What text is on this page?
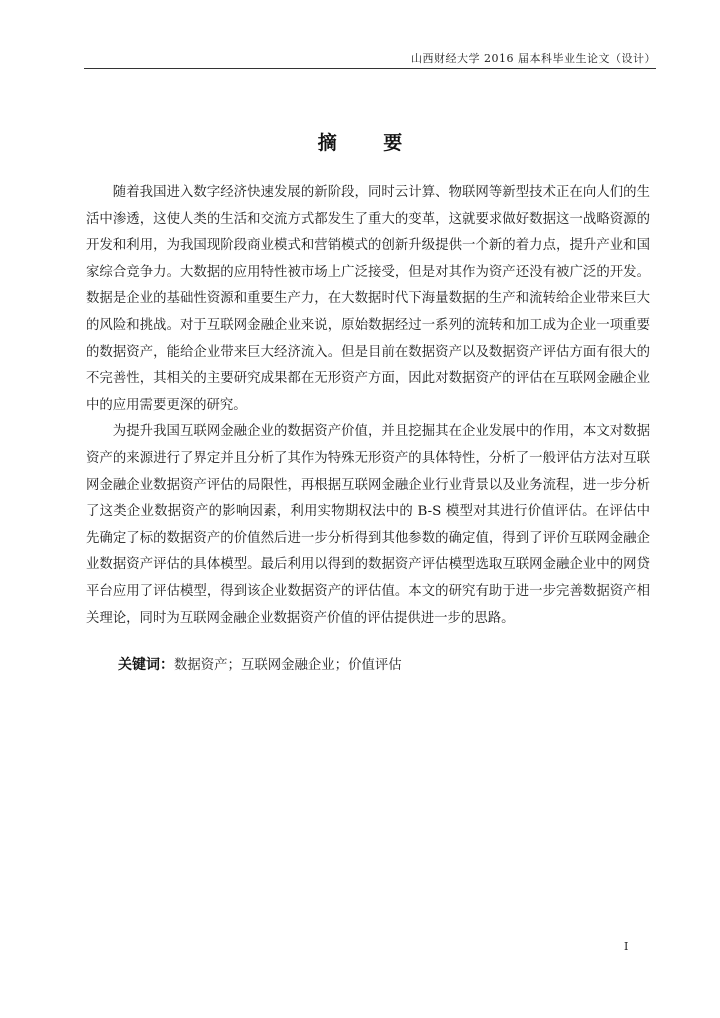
山西财经大学 2016 届本科毕业生论文（设计）
摘 要

随着我国进入数字经济快速发展的新阶段，同时云计算、物联网等新型技术正在向人们的生活中渗透，这使人类的生活和交流方式都发生了重大的变革，这就要求做好数据这一战略资源的开发和利用，为我国现阶段商业模式和营销模式的创新升级提供一个新的着力点，提升产业和国家综合竞争力。大数据的应用特性被市场上广泛接受，但是对其作为资产还没有被广泛的开发。数据是企业的基础性资源和重要生产力，在大数据时代下海量数据的生产和流转给企业带来巨大的风险和挑战。对于互联网金融企业来说，原始数据经过一系列的流转和加工成为企业一项重要的数据资产，能给企业带来巨大经济流入。但是目前在数据资产以及数据资产评估方面有很大的不完善性，其相关的主要研究成果都在无形资产方面，因此对数据资产的评估在互联网金融企业中的应用需要更深的研究。

为提升我国互联网金融企业的数据资产价值，并且挖掘其在企业发展中的作用，本文对数据资产的来源进行了界定并且分析了其作为特殊无形资产的具体特性，分析了一般评估方法对互联网金融企业数据资产评估的局限性，再根据互联网金融企业行业背景以及业务流程，进一步分析了这类企业数据资产的影响因素，利用实物期权法中的 B-S 模型对其进行价值评估。在评估中先确定了标的数据资产的价值然后进一步分析得到其他参数的确定值，得到了评价互联网金融企业数据资产评估的具体模型。最后利用以得到的数据资产评估模型选取互联网金融企业中的网贷平台应用了评估模型，得到该企业数据资产的评估值。本文的研究有助于进一步完善数据资产相关理论，同时为互联网金融企业数据资产价值的评估提供进一步的思路。

关键词：数据资产；互联网金融企业；价值评估
I
